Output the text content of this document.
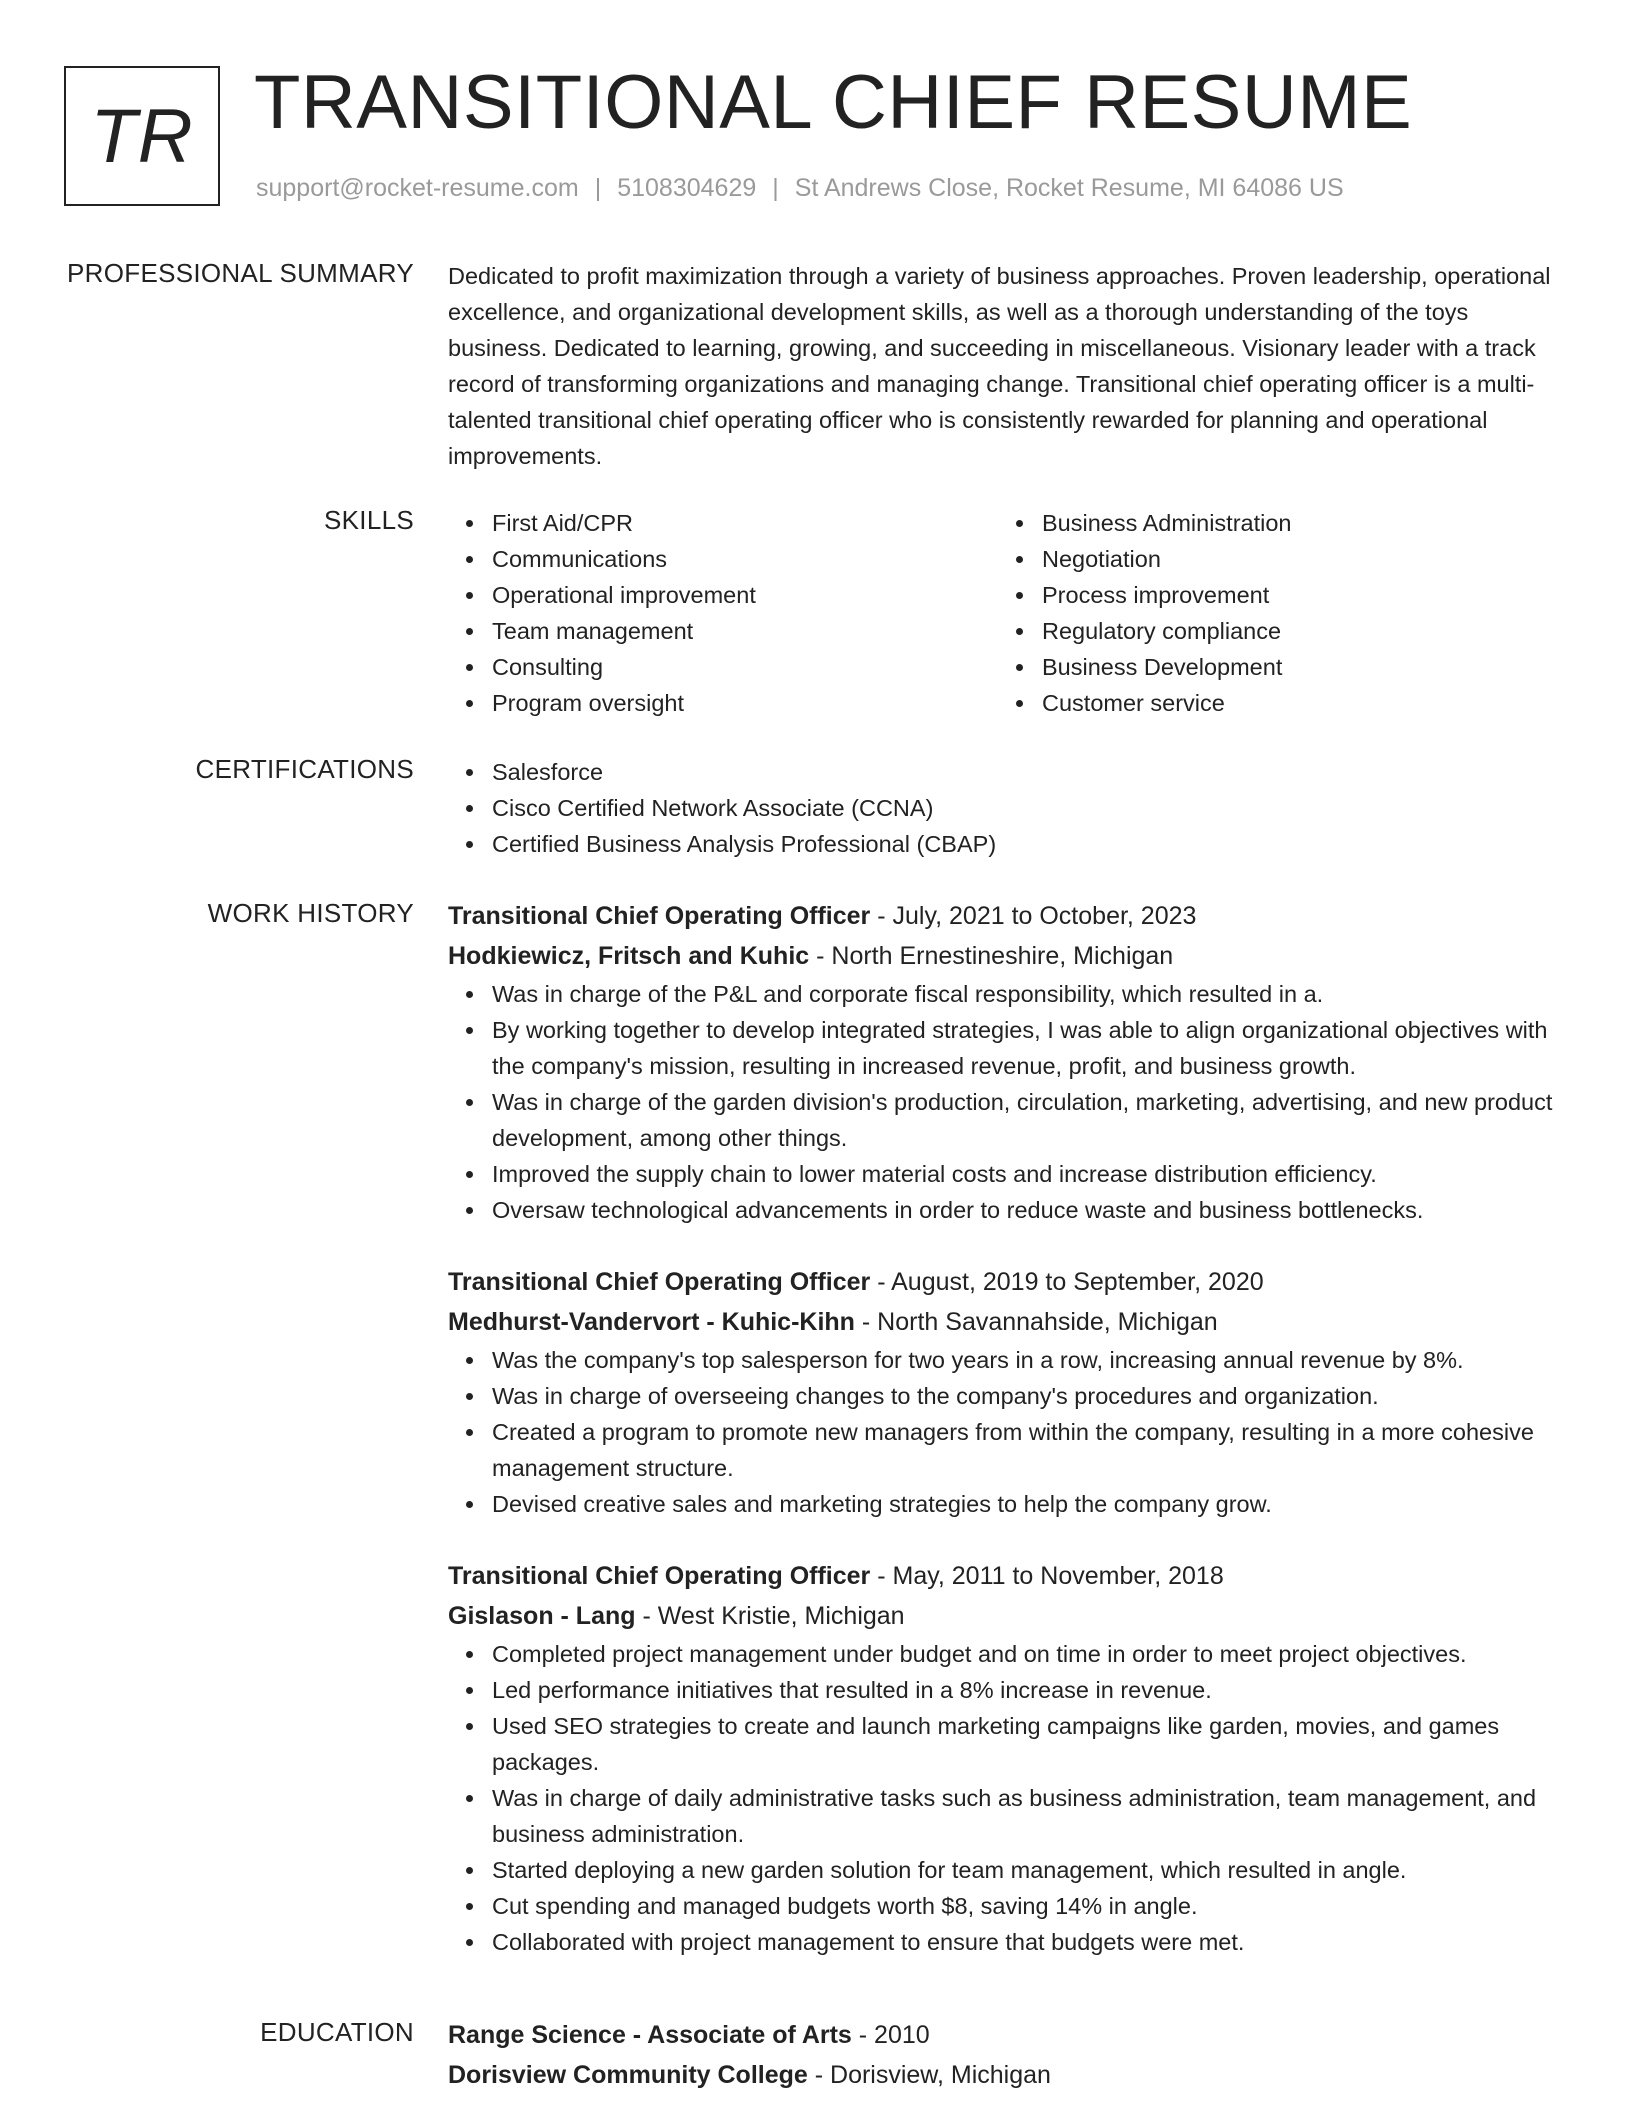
TR TRANSITIONAL CHIEF RESUME
support@rocket-resume.com | 5108304629 | St Andrews Close, Rocket Resume, MI 64086 US
PROFESSIONAL SUMMARY Dedicated to profit maximization through a variety of business approaches. Proven leadership, operational excellence, and organizational development skills, as well as a thorough understanding of the toys business. Dedicated to learning, growing, and succeeding in miscellaneous. Visionary leader with a track record of transforming organizations and managing change. Transitional chief operating officer is a multi-talented transitional chief operating officer who is consistently rewarded for planning and operational improvements.

SKILLS	First Aid/CPR
Communications
Operational improvement
Team management
Consulting
Program oversight
Business Administration
Negotiation
Process improvement
Regulatory compliance
Business Development
Customer service
CERTIFICATIONS	Salesforce
Cisco Certified Network Associate (CCNA)
Certified Business Analysis Professional (CBAP)
WORK HISTORY Transitional Chief Operating Officer - July, 2021 to October, 2023
Hodkiewicz, Fritsch and Kuhic - North Ernestineshire, Michigan
Was in charge of the P&L and corporate fiscal responsibility, which resulted in a.
By working together to develop integrated strategies, I was able to align organizational objectives with the company's mission, resulting in increased revenue, profit, and business growth.
Was in charge of the garden division's production, circulation, marketing, advertising, and new product development, among other things.
Improved the supply chain to lower material costs and increase distribution efficiency.
Oversaw technological advancements in order to reduce waste and business bottlenecks.
Transitional Chief Operating Officer - August, 2019 to September, 2020
Medhurst-Vandervort - Kuhic-Kihn - North Savannahside, Michigan
Was the company's top salesperson for two years in a row, increasing annual revenue by 8%.
Was in charge of overseeing changes to the company's procedures and organization.
Created a program to promote new managers from within the company, resulting in a more cohesive management structure.
Devised creative sales and marketing strategies to help the company grow.
Transitional Chief Operating Officer - May, 2011 to November, 2018
Gislason - Lang - West Kristie, Michigan
Completed project management under budget and on time in order to meet project objectives.
Led performance initiatives that resulted in a 8% increase in revenue.
Used SEO strategies to create and launch marketing campaigns like garden, movies, and games packages.
Was in charge of daily administrative tasks such as business administration, team management, and business administration.
Started deploying a new garden solution for team management, which resulted in angle.
Cut spending and managed budgets worth $8, saving 14% in angle.
Collaborated with project management to ensure that budgets were met.
EDUCATION Range Science - Associate of Arts - 2010
Dorisview Community College - Dorisview, Michigan
